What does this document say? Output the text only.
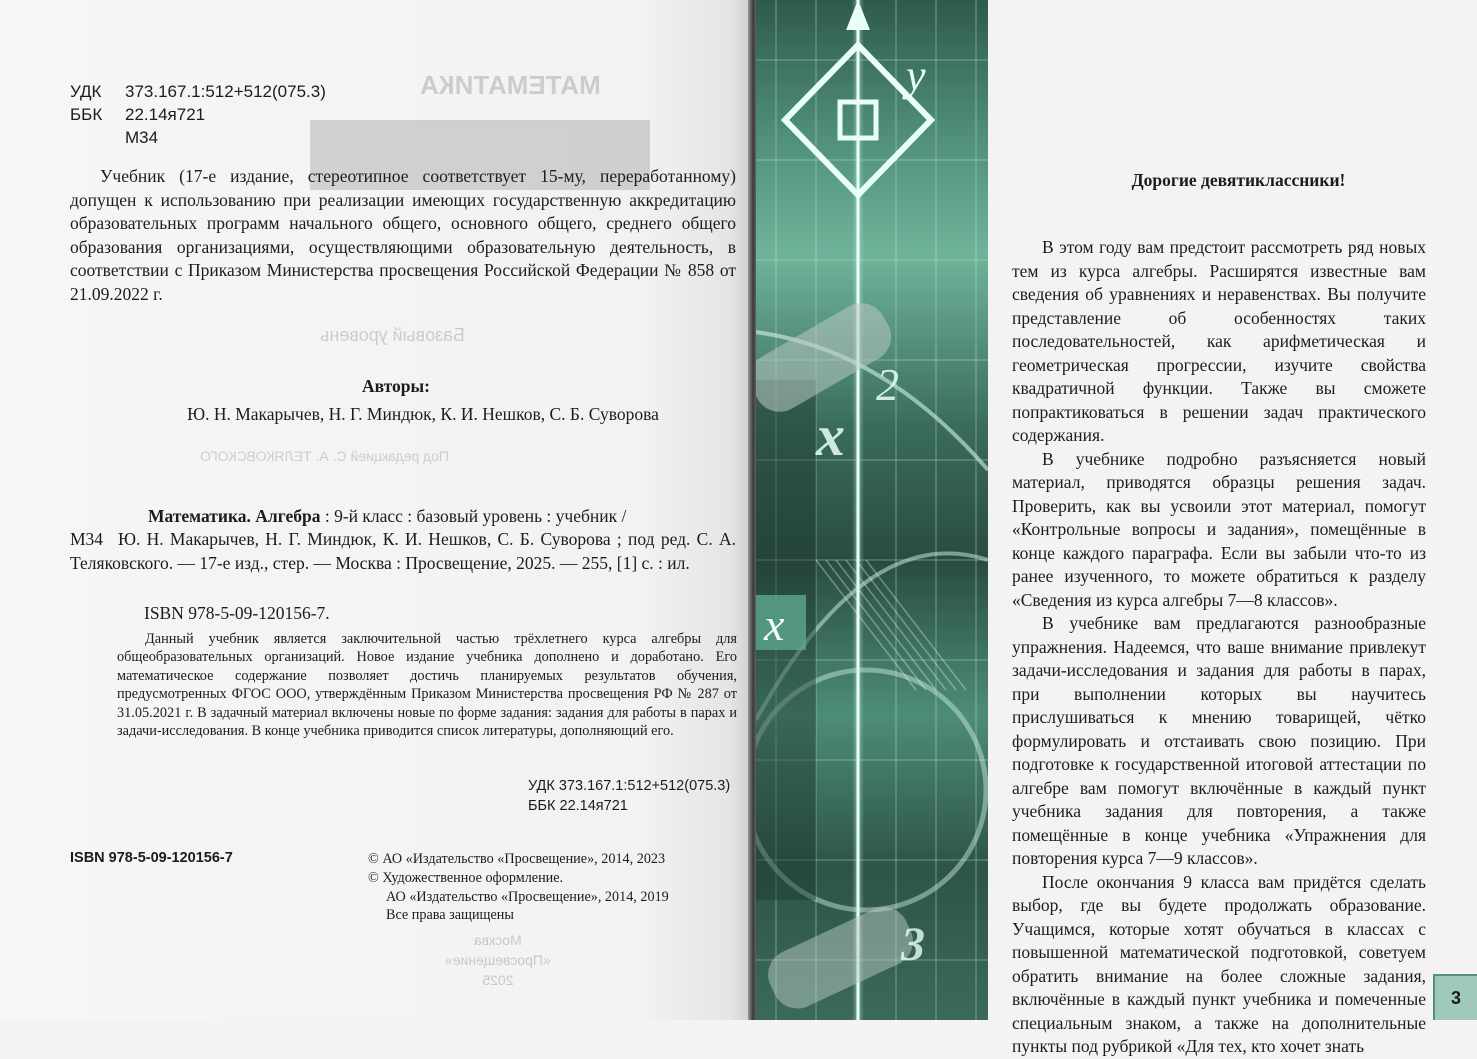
МАТЕМАТИКА
Базовый уровень
Под редакцией С. А. ТЕЛЯКОВСКОГО
УДК 373.167.1:512+512(075.3)
ББК 22.14я721
М34
Учебник (17-е издание, стереотипное соответствует 15-му, переработанному) допущен к использованию при реализации имеющих государственную аккредитацию образовательных программ начального общего, основного общего, среднего общего образования организациями, осуществляющими образовательную деятельность, в соответствии с Приказом Министерства просвещения Российской Федерации № 858 от 21.09.2022 г.
Авторы:
Ю. Н. Макарычев, Н. Г. Миндюк, К. И. Нешков, С. Б. Суворова
Математика. Алгебра : 9-й класс : базовый уровень : учебник /
М34 Ю. Н. Макарычев, Н. Г. Миндюк, К. И. Нешков, С. Б. Суворова ; под ред. С. А. Теляковского. — 17-е изд., стер. — Москва : Просвещение, 2025. — 255, [1] с. : ил.
ISBN 978-5-09-120156-7.
Данный учебник является заключительной частью трёхлетнего курса алгебры для общеобразовательных организаций. Новое издание учебника дополнено и доработано. Его математическое содержание позволяет достичь планируемых результатов обучения, предусмотренных ФГОС ООО, утверждённым Приказом Министерства просвещения РФ № 287 от 31.05.2021 г. В задачный материал включены новые по форме задания: задания для работы в парах и задачи-исследования. В конце учебника приводится список литературы, дополняющий его.
УДК 373.167.1:512+512(075.3)
ББК 22.14я721
ISBN 978-5-09-120156-7	© АО «Издательство «Просвещение», 2014, 2023
© Художественное оформление.
АО «Издательство «Просвещение», 2014, 2019
Все права защищены
Москва
«Просвещение»
2025
y
x
2
x
3
Дорогие девятиклассники!

В этом году вам предстоит рассмотреть ряд новых тем из курса алгебры. Расширятся известные вам сведения об уравнениях и неравенствах. Вы получите представление об особенностях таких последовательностей, как арифметическая и геометрическая прогрессии, изучите свойства квадратичной функции. Также вы сможете попрактиковаться в решении задач практического содержания.

В учебнике подробно разъясняется новый материал, приводятся образцы решения задач. Проверить, как вы усвоили этот материал, помогут «Контрольные вопросы и задания», помещённые в конце каждого параграфа. Если вы забыли что-то из ранее изученного, то можете обратиться к разделу «Сведения из курса алгебры 7—8 классов».

В учебнике вам предлагаются разнообразные упражнения. Надеемся, что ваше внимание привлекут задачи-исследования и задания для работы в парах, при выполнении которых вы научитесь прислушиваться к мнению товарищей, чётко формулировать и отстаивать свою позицию. При подготовке к государственной итоговой аттестации по алгебре вам помогут включённые в каждый пункт учебника задания для повторения, а также помещённые в конце учебника «Упражнения для повторения курса 7—9 классов».

После окончания 9 класса вам придётся сделать выбор, где вы будете продолжать образование. Учащимся, которые хотят обучаться в классах с повышенной математической подготовкой, советуем обратить внимание на более сложные задания, включённые в каждый пункт учебника и помеченные специальным знаком, а также на дополнительные пункты под рубрикой «Для тех, кто хочет знать

3
